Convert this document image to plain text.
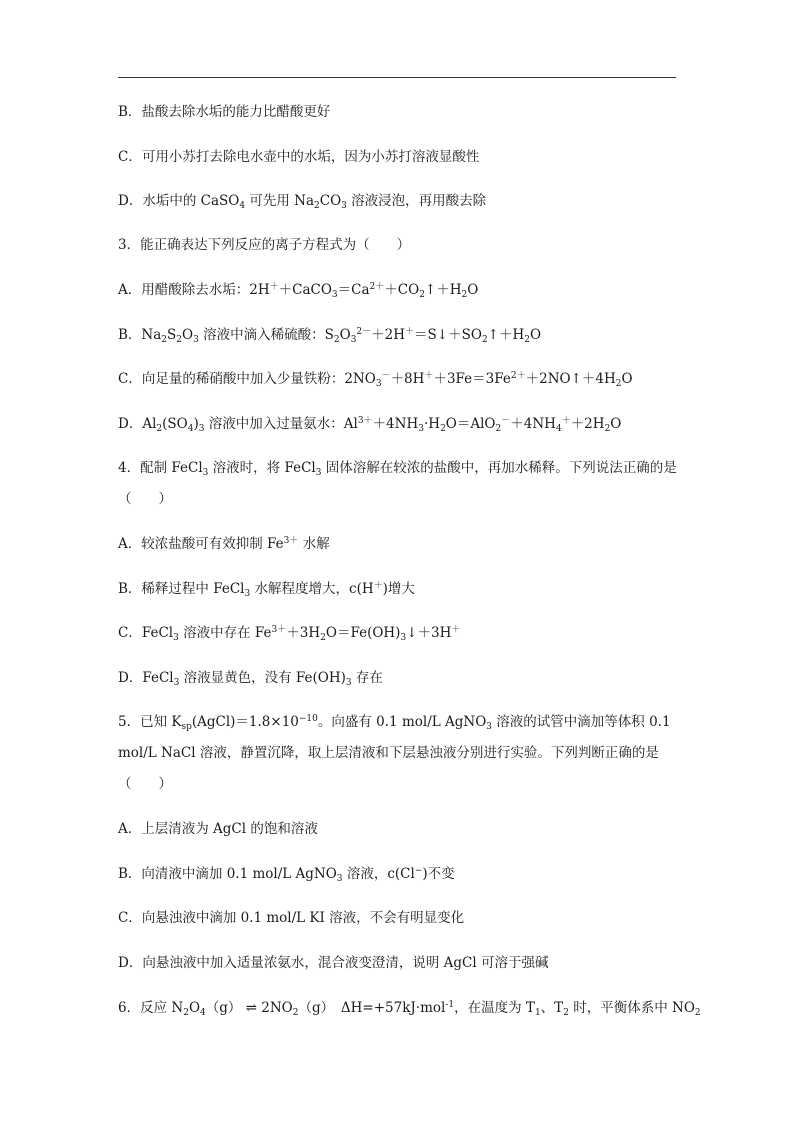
B．盐酸去除水垢的能力比醋酸更好
C．可用小苏打去除电水壶中的水垢，因为小苏打溶液显酸性
D．水垢中的 CaSO$_4$ 可先用 $Na_2CO_3$ 溶液浸泡，再用酸去除
3．能正确表达下列反应的离子方程式为（　　）
A．用醋酸除去水垢：$2H^++CaCO_3=Ca^{2+}+CO_2↑+H_2O$
B．$Na_2S_2O_3$ 溶液中滴入稀硫酸：$S_2O_3^{2-}+2H^+=S↓+SO_2↑+H_2O$
C．向足量的稀硝酸中加入少量铁粉：$2NO_3^-+8H^++3Fe=3Fe^{2+}+2NO↑+4H_2O$
D．$Al_2(SO_4)_3$ 溶液中加入过量氨水：$Al^{3+}+4NH_3\cdot H_2O=AlO_2^-+4NH_4^++2H_2O$
4．配制 FeCl$_3$ 溶液时，将 FeCl$_3$ 固体溶解在较浓的盐酸中，再加水稀释。下列说法正确的是
（　　）
A．较浓盐酸可有效抑制 $Fe^{3+}$ 水解
B．稀释过程中 FeCl$_3$ 水解程度增大，c(H＋)增大
C．FeCl$_3$ 溶液中存在 $Fe^{3+}+3H_2O=Fe(OH)_3↓+3H^+$
D．FeCl$_3$ 溶液显黄色，没有 $Fe(OH)_3$ 存在
5．已知 $K_{sp}(AgCl)=1.8\times 10^{-10}$。向盛有 0.1 mol/L AgNO$_3$ 溶液的试管中滴加等体积 0.1
mol/L NaCl 溶液，静置沉降，取上层清液和下层悬浊液分别进行实验。下列判断正确的是
（　　）
A．上层清液为 AgCl 的饱和溶液
B．向清液中滴加 0.1 mol/L AgNO$_3$ 溶液，c(Cl−)不变
C．向悬浊液中滴加 0.1 mol/L KI 溶液，不会有明显变化
D．向悬浊液中加入适量浓氨水，混合液变澄清，说明 AgCl 可溶于强碱
6．反应 $N_2O_4(g)$ ⇌ $2NO_2(g)$　ΔH=+57kJ·mol$^{-1}$，在温度为 $T_1$、$T_2$ 时，平衡体系中 $NO_2$
